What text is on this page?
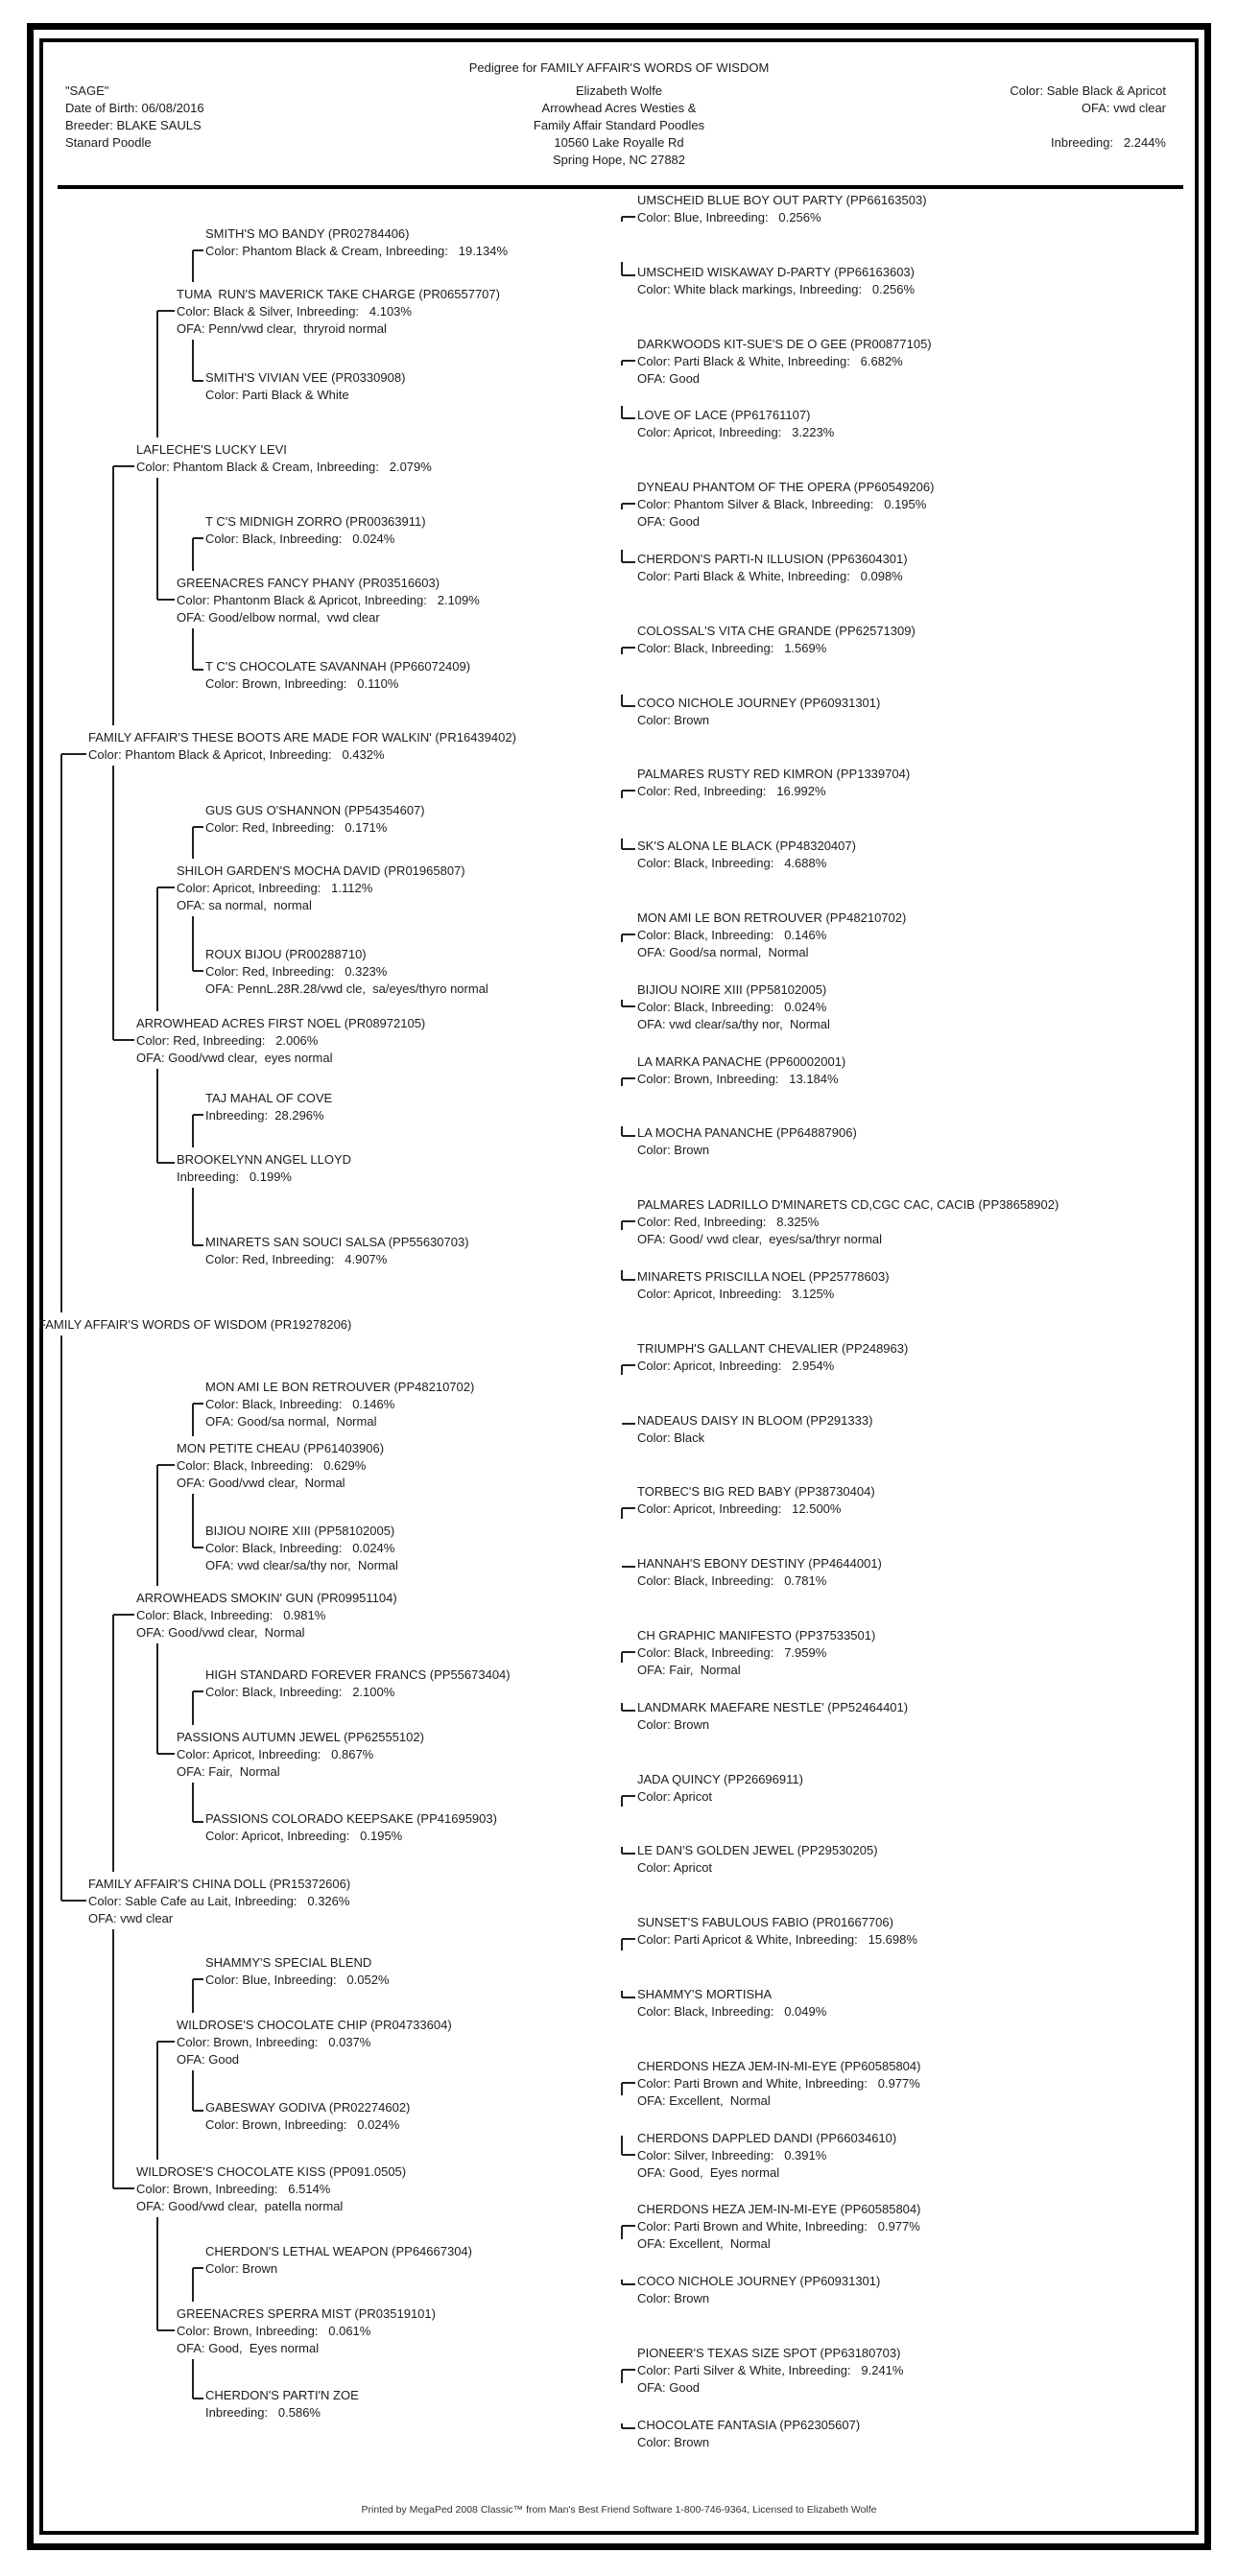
Pedigree for FAMILY AFFAIR'S WORDS OF WISDOM
"SAGE"
Date of Birth: 06/08/2016
Breeder: BLAKE SAULS
Stanard Poodle
Elizabeth Wolfe
Arrowhead Acres Westies &
Family Affair Standard Poodles
10560 Lake Royalle Rd
Spring Hope, NC 27882
Color: Sable Black & Apricot
OFA: vwd clear
Inbreeding:   2.244%
FAMILY AFFAIR'S WORDS OF WISDOM (PR19278206)
FAMILY AFFAIR'S THESE BOOTS ARE MADE FOR WALKIN' (PR16439402)
Color: Phantom Black & Apricot, Inbreeding:   0.432%
FAMILY AFFAIR'S CHINA DOLL (PR15372606)
Color: Sable Cafe au Lait, Inbreeding:   0.326%
OFA: vwd clear
LAFLECHE'S LUCKY LEVI
Color: Phantom Black & Cream, Inbreeding:   2.079%
ARROWHEAD ACRES FIRST NOEL (PR08972105)
Color: Red, Inbreeding:   2.006%
OFA: Good/vwd clear,  eyes normal
ARROWHEADS SMOKIN' GUN (PR09951104)
Color: Black, Inbreeding:   0.981%
OFA: Good/vwd clear,  Normal
WILDROSE'S CHOCOLATE KISS (PP091.0505)
Color: Brown, Inbreeding:   6.514%
OFA: Good/vwd clear,  patella normal
TUMA  RUN'S MAVERICK TAKE CHARGE (PR06557707)
Color: Black & Silver, Inbreeding:   4.103%
OFA: Penn/vwd clear,  thryroid normal
GREENACRES FANCY PHANY (PR03516603)
Color: Phantonm Black & Apricot, Inbreeding:   2.109%
OFA: Good/elbow normal,  vwd clear
SHILOH GARDEN'S MOCHA DAVID (PR01965807)
Color: Apricot, Inbreeding:   1.112%
OFA: sa normal,  normal
BROOKELYNN ANGEL LLOYD
Inbreeding:   0.199%
MON PETITE CHEAU (PP61403906)
Color: Black, Inbreeding:   0.629%
OFA: Good/vwd clear,  Normal
PASSIONS AUTUMN JEWEL (PP62555102)
Color: Apricot, Inbreeding:   0.867%
OFA: Fair,  Normal
WILDROSE'S CHOCOLATE CHIP (PR04733604)
Color: Brown, Inbreeding:   0.037%
OFA: Good
GREENACRES SPERRA MIST (PR03519101)
Color: Brown, Inbreeding:   0.061%
OFA: Good,  Eyes normal
SMITH'S MO BANDY (PR02784406)
Color: Phantom Black & Cream, Inbreeding:   19.134%
SMITH'S VIVIAN VEE (PR0330908)
Color: Parti Black & White
T C'S MIDNIGH ZORRO (PR00363911)
Color: Black, Inbreeding:   0.024%
T C'S CHOCOLATE SAVANNAH (PP66072409)
Color: Brown, Inbreeding:   0.110%
GUS GUS O'SHANNON (PP54354607)
Color: Red, Inbreeding:   0.171%
ROUX BIJOU (PR00288710)
Color: Red, Inbreeding:   0.323%
OFA: PennL.28R.28/vwd cle,  sa/eyes/thyro normal
TAJ MAHAL OF COVE
Inbreeding:  28.296%
MINARETS SAN SOUCI SALSA (PP55630703)
Color: Red, Inbreeding:   4.907%
MON AMI LE BON RETROUVER (PP48210702)
Color: Black, Inbreeding:   0.146%
OFA: Good/sa normal,  Normal
BIJIOU NOIRE XIII (PP58102005)
Color: Black, Inbreeding:   0.024%
OFA: vwd clear/sa/thy nor,  Normal
HIGH STANDARD FOREVER FRANCS (PP55673404)
Color: Black, Inbreeding:   2.100%
PASSIONS COLORADO KEEPSAKE (PP41695903)
Color: Apricot, Inbreeding:   0.195%
SHAMMY'S SPECIAL BLEND
Color: Blue, Inbreeding:   0.052%
GABESWAY GODIVA (PR02274602)
Color: Brown, Inbreeding:   0.024%
CHERDON'S LETHAL WEAPON (PP64667304)
Color: Brown
CHERDON'S PARTI'N ZOE
Inbreeding:   0.586%
UMSCHEID BLUE BOY OUT PARTY (PP66163503)
Color: Blue, Inbreeding:   0.256%
UMSCHEID WISKAWAY D-PARTY (PP66163603)
Color: White black markings, Inbreeding:   0.256%
DARKWOODS KIT-SUE'S DE O GEE (PR00877105)
Color: Parti Black & White, Inbreeding:   6.682%
OFA: Good
LOVE OF LACE (PP61761107)
Color: Apricot, Inbreeding:   3.223%
DYNEAU PHANTOM OF THE OPERA (PP60549206)
Color: Phantom Silver & Black, Inbreeding:   0.195%
OFA: Good
CHERDON'S PARTI-N ILLUSION (PP63604301)
Color: Parti Black & White, Inbreeding:   0.098%
COLOSSAL'S VITA CHE GRANDE (PP62571309)
Color: Black, Inbreeding:   1.569%
COCO NICHOLE JOURNEY (PP60931301)
Color: Brown
PALMARES RUSTY RED KIMRON (PP1339704)
Color: Red, Inbreeding:   16.992%
SK'S ALONA LE BLACK (PP48320407)
Color: Black, Inbreeding:   4.688%
MON AMI LE BON RETROUVER (PP48210702)
Color: Black, Inbreeding:   0.146%
OFA: Good/sa normal,  Normal
BIJIOU NOIRE XIII (PP58102005)
Color: Black, Inbreeding:   0.024%
OFA: vwd clear/sa/thy nor,  Normal
LA MARKA PANACHE (PP60002001)
Color: Brown, Inbreeding:   13.184%
LA MOCHA PANANCHE (PP64887906)
Color: Brown
PALMARES LADRILLO D'MINARETS CD,CGC CAC, CACIB (PP38658902)
Color: Red, Inbreeding:   8.325%
OFA: Good/ vwd clear,  eyes/sa/thryr normal
MINARETS PRISCILLA NOEL (PP25778603)
Color: Apricot, Inbreeding:   3.125%
TRIUMPH'S GALLANT CHEVALIER (PP248963)
Color: Apricot, Inbreeding:   2.954%
NADEAUS DAISY IN BLOOM (PP291333)
Color: Black
TORBEC'S BIG RED BABY (PP38730404)
Color: Apricot, Inbreeding:   12.500%
HANNAH'S EBONY DESTINY (PP4644001)
Color: Black, Inbreeding:   0.781%
CH GRAPHIC MANIFESTO (PP37533501)
Color: Black, Inbreeding:   7.959%
OFA: Fair,  Normal
LANDMARK MAEFARE NESTLE' (PP52464401)
Color: Brown
JADA QUINCY (PP26696911)
Color: Apricot
LE DAN'S GOLDEN JEWEL (PP29530205)
Color: Apricot
SUNSET'S FABULOUS FABIO (PR01667706)
Color: Parti Apricot & White, Inbreeding:   15.698%
SHAMMY'S MORTISHA
Color: Black, Inbreeding:   0.049%
CHERDONS HEZA JEM-IN-MI-EYE (PP60585804)
Color: Parti Brown and White, Inbreeding:   0.977%
OFA: Excellent,  Normal
CHERDONS DAPPLED DANDI (PP66034610)
Color: Silver, Inbreeding:   0.391%
OFA: Good,  Eyes normal
CHERDONS HEZA JEM-IN-MI-EYE (PP60585804)
Color: Parti Brown and White, Inbreeding:   0.977%
OFA: Excellent,  Normal
COCO NICHOLE JOURNEY (PP60931301)
Color: Brown
PIONEER'S TEXAS SIZE SPOT (PP63180703)
Color: Parti Silver & White, Inbreeding:   9.241%
OFA: Good
CHOCOLATE FANTASIA (PP62305607)
Color: Brown
Printed by MegaPed 2008 Classic™ from Man's Best Friend Software 1-800-746-9364, Licensed to Elizabeth Wolfe
